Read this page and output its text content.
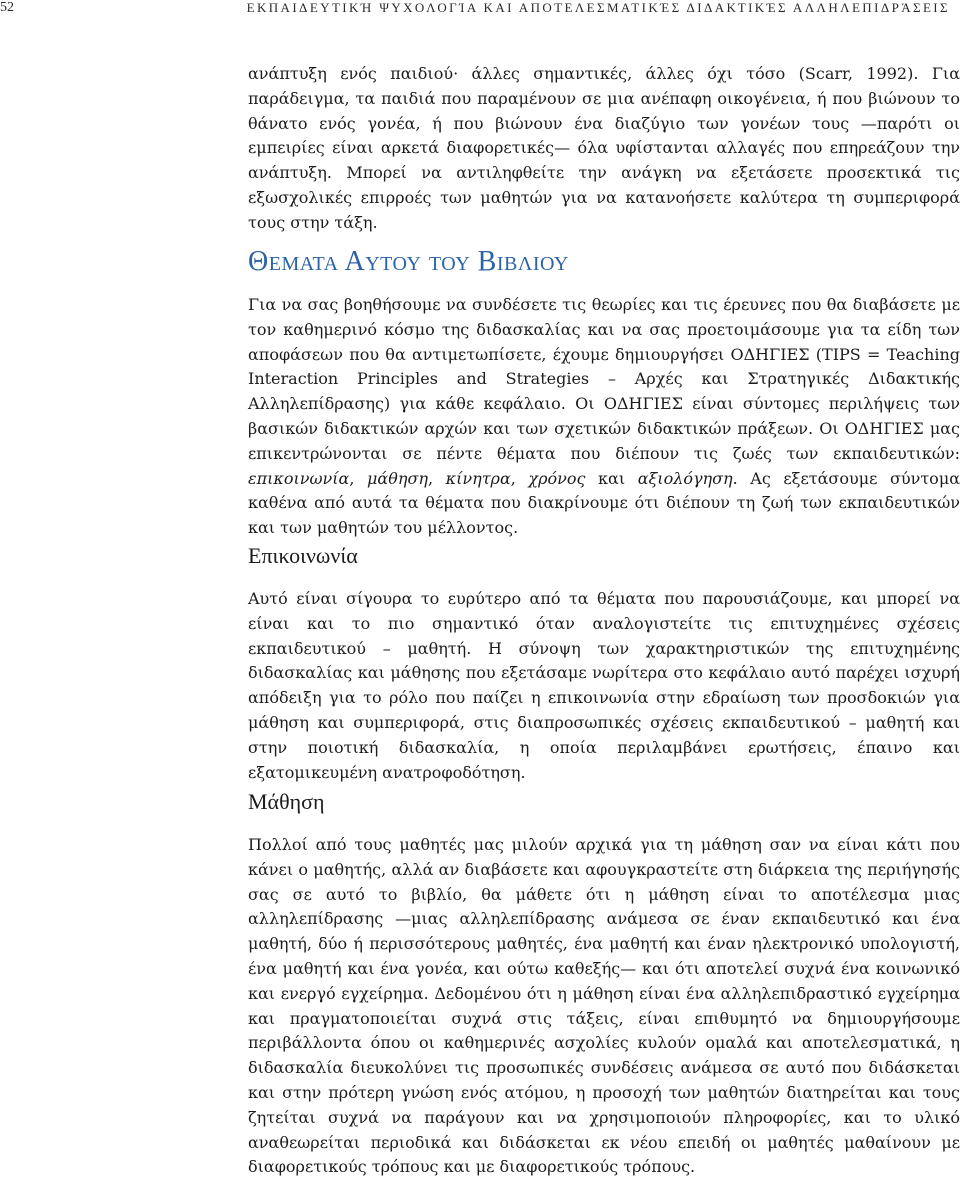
52	ΕΚΠΑΙΔΕΥΤΙΚΉ ΨΥΧΟΛΟΓΊΑ ΚΑΙ ΑΠΟΤΕΛΕΣΜΑΤΙΚΈΣ ΔΙΔΑΚΤΙΚΈΣ ΑΛΛΗΛΕΠΙΔΡΆΣΕΙΣ

ανάπτυξη ενός παιδιού· άλλες σημαντικές, άλλες όχι τόσο (Scarr, 1992). Για παράδειγμα, τα παιδιά που παραμένουν σε μια ανέπαφη οικογένεια, ή που βιώνουν το θάνατο ενός γονέα, ή που βιώνουν ένα διαζύγιο των γονέων τους —παρότι οι εμπειρίες είναι αρκετά διαφορετικές— όλα υφίστανται αλλαγές που επηρεάζουν την ανάπτυξη. Μπορεί να αντιληφθείτε την ανάγκη να εξετάσετε προσεκτικά τις εξωσχολικές επιρροές των μαθητών για να κατανοήσετε καλύτερα τη συμπεριφορά τους στην τάξη.

Θεματα Αυτου του Βιβλιου

Για να σας βοηθήσουμε να συνδέσετε τις θεωρίες και τις έρευνες που θα διαβάσετε με τον καθημερινό κόσμο της διδασκαλίας και να σας προετοιμάσουμε για τα είδη των αποφάσεων που θα αντιμετωπίσετε, έχουμε δημιουργήσει ΟΔΗΓΙΕΣ (TIPS = Teaching Interaction Principles and Strategies – Αρχές και Στρατηγικές Διδακτικής Αλληλεπίδρασης) για κάθε κεφάλαιο. Οι ΟΔΗΓΙΕΣ είναι σύντομες περιλήψεις των βασικών διδακτικών αρχών και των σχετικών διδακτικών πράξεων. Οι ΟΔΗΓΙΕΣ μας επικεντρώνονται σε πέντε θέματα που διέπουν τις ζωές των εκπαιδευτικών: επικοινωνία, μάθηση, κίνητρα, χρόνος και αξιολόγηση. Ας εξετάσουμε σύντομα καθένα από αυτά τα θέματα που διακρίνουμε ότι διέπουν τη ζωή των εκπαιδευτικών και των μαθητών του μέλλοντος.

Επικοινωνία

Αυτό είναι σίγουρα το ευρύτερο από τα θέματα που παρουσιάζουμε, και μπορεί να είναι και το πιο σημαντικό όταν αναλογιστείτε τις επιτυχημένες σχέσεις εκπαιδευτικού – μαθητή. Η σύνοψη των χαρακτηριστικών της επιτυχημένης διδασκαλίας και μάθησης που εξετάσαμε νωρίτερα στο κεφάλαιο αυτό παρέχει ισχυρή απόδειξη για το ρόλο που παίζει η επικοινωνία στην εδραίωση των προσδοκιών για μάθηση και συμπεριφορά, στις διαπροσωπικές σχέσεις εκπαιδευτικού – μαθητή και στην ποιοτική διδασκαλία, η οποία περιλαμβάνει ερωτήσεις, έπαινο και εξατομικευμένη ανατροφοδότηση.

Μάθηση

Πολλοί από τους μαθητές μας μιλούν αρχικά για τη μάθηση σαν να είναι κάτι που κάνει ο μαθητής, αλλά αν διαβάσετε και αφουγκραστείτε στη διάρκεια της περιήγησής σας σε αυτό το βιβλίο, θα μάθετε ότι η μάθηση είναι το αποτέλεσμα μιας αλληλεπίδρασης —μιας αλληλεπίδρασης ανάμεσα σε έναν εκπαιδευτικό και ένα μαθητή, δύο ή περισσότερους μαθητές, ένα μαθητή και έναν ηλεκτρονικό υπολογιστή, ένα μαθητή και ένα γονέα, και ούτω καθεξής— και ότι αποτελεί συχνά ένα κοινωνικό και ενεργό εγχείρημα. Δεδομένου ότι η μάθηση είναι ένα αλληλεπιδραστικό εγχείρημα και πραγματοποιείται συχνά στις τάξεις, είναι επιθυμητό να δημιουργήσουμε περιβάλλοντα όπου οι καθημερινές ασχολίες κυλούν ομαλά και αποτελεσματικά, η διδασκαλία διευκολύνει τις προσωπικές συνδέσεις ανάμεσα σε αυτό που διδάσκεται και στην πρότερη γνώση ενός ατόμου, η προσοχή των μαθητών διατηρείται και τους ζητείται συχνά να παράγουν και να χρησιμοποιούν πληροφορίες, και το υλικό αναθεωρείται περιοδικά και διδάσκεται εκ νέου επειδή οι μαθητές μαθαίνουν με διαφορετικούς τρόπους και με διαφορετικούς τρόπους.
